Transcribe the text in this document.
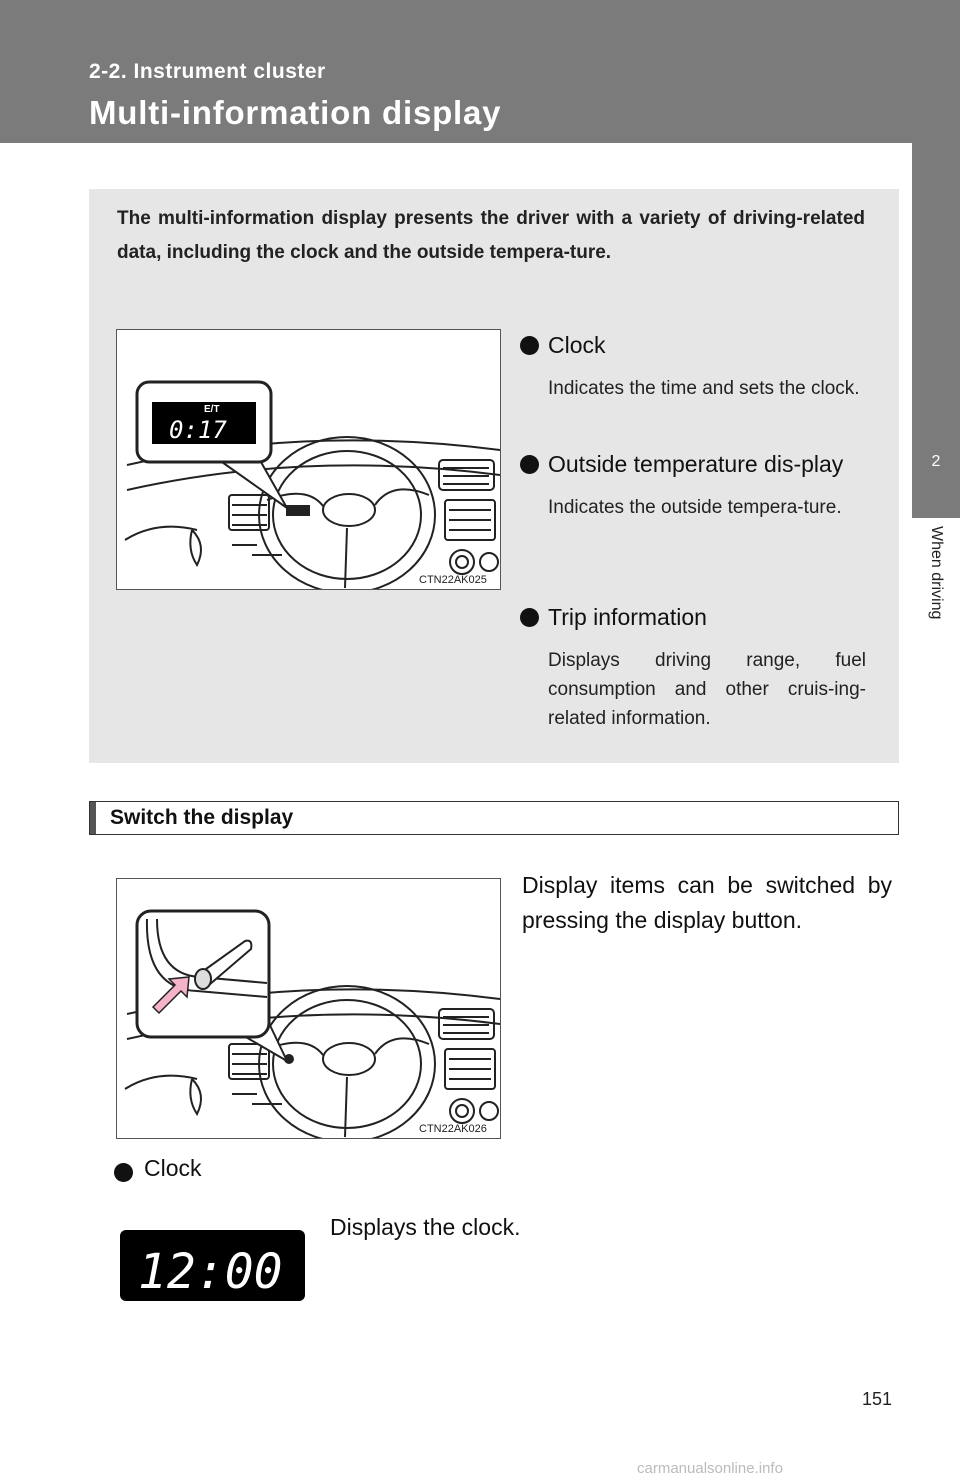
2-2. Instrument cluster
Multi-information display
2
When driving
The multi-information display presents the driver with a variety of driving-related data, including the clock and the outside tempera-ture.
E/T
0:17
CTN22AK025
Clock
Indicates the time and sets the clock.
Outside temperature dis-play
Indicates the outside tempera-ture.
Trip information
Displays driving range, fuel consumption and other cruis-ing-related information.
Switch the display
Display items can be switched by pressing the display button.
CTN22AK026
Clock
Displays the clock.
12:00
151
carmanualsonline.info
